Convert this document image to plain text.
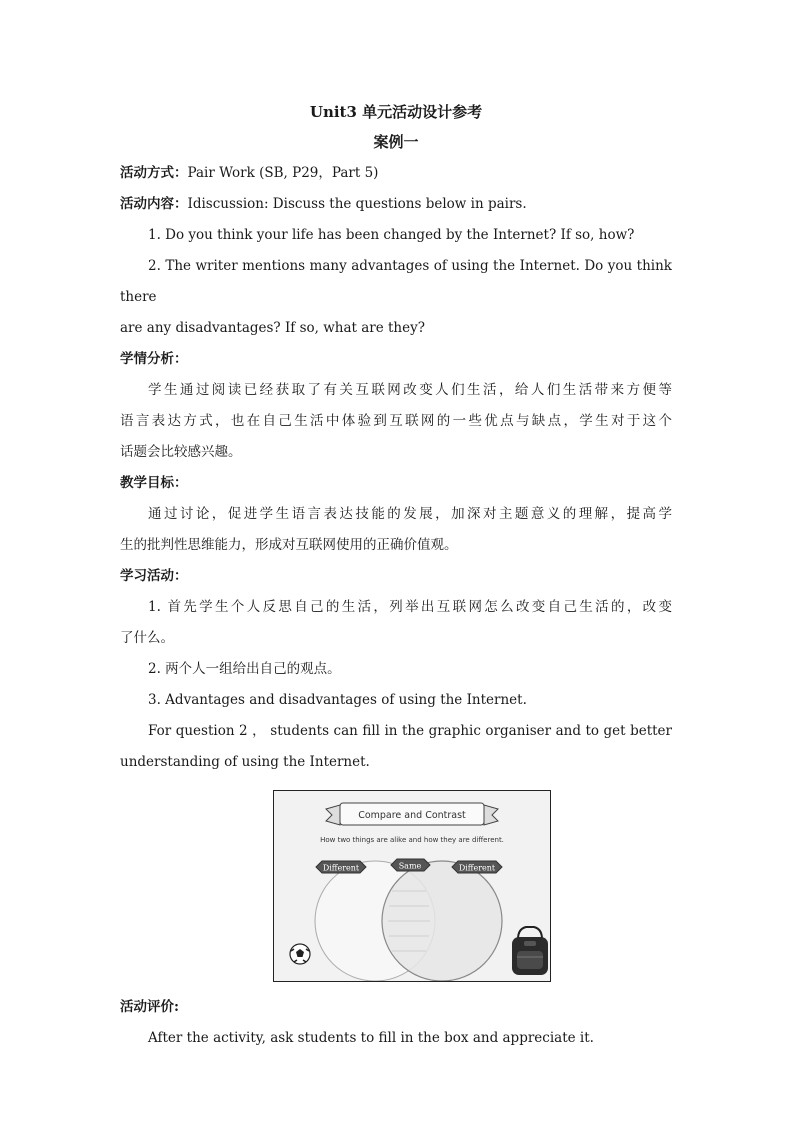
Unit3 单元活动设计参考

案例一

活动方式：Pair Work (SB, P29，Part 5)

活动内容：Idiscussion: Discuss the questions below in pairs.

1. Do you think your life has been changed by the Internet? If so, how?

2. The writer mentions many advantages of using the Internet. Do you think there

are any disadvantages? If so, what are they?

学情分析：

学生通过阅读已经获取了有关互联网改变人们生活，给人们生活带来方便等

语言表达方式，也在自己生活中体验到互联网的一些优点与缺点，学生对于这个

话题会比较感兴趣。

教学目标：

通过讨论，促进学生语言表达技能的发展，加深对主题意义的理解，提高学

生的批判性思维能力，形成对互联网使用的正确价值观。

学习活动：

1. 首先学生个人反思自己的生活，列举出互联网怎么改变自己生活的，改变

了什么。

2. 两个人一组给出自己的观点。

3. Advantages and disadvantages of using the Internet.

For question 2 ， students can fill in the graphic organiser and to get better

understanding of using the Internet.

Compare and Contrast
How two things are alike and how they are different.
Different	Same	Different

活动评价:

After the activity, ask students to fill in the box and appreciate it.
